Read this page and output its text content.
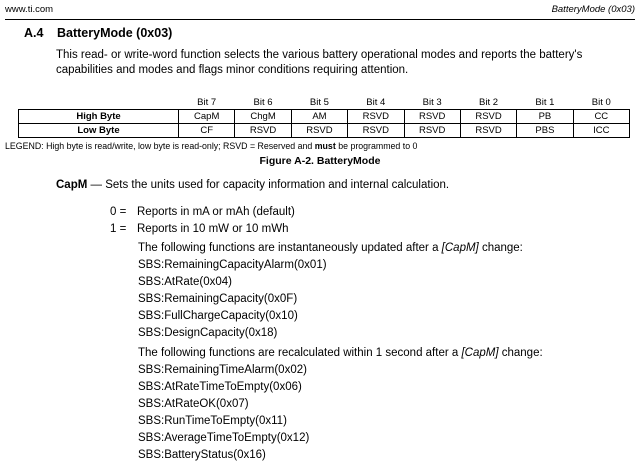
www.ti.com	BatteryMode (0x03)
A.4 BatteryMode (0x03)
This read- or write-word function selects the various battery operational modes and reports the battery's capabilities and modes and flags minor conditions requiring attention.
	Bit 7	Bit 6	Bit 5	Bit 4	Bit 3	Bit 2	Bit 1	Bit 0
High Byte	CapM	ChgM	AM	RSVD	RSVD	RSVD	PB	CC
Low Byte	CF	RSVD	RSVD	RSVD	RSVD	RSVD	PBS	ICC
LEGEND: High byte is read/write, low byte is read-only; RSVD = Reserved and must be programmed to 0
Figure A-2. BatteryMode
CapM — Sets the units used for capacity information and internal calculation.
0 = Reports in mA or mAh (default)
1 = Reports in 10 mW or 10 mWh
The following functions are instantaneously updated after a [CapM] change:
SBS:RemainingCapacityAlarm(0x01)
SBS:AtRate(0x04)
SBS:RemainingCapacity(0x0F)
SBS:FullChargeCapacity(0x10)
SBS:DesignCapacity(0x18)
The following functions are recalculated within 1 second after a [CapM] change:
SBS:RemainingTimeAlarm(0x02)
SBS:AtRateTimeToEmpty(0x06)
SBS:AtRateOK(0x07)
SBS:RunTimeToEmpty(0x11)
SBS:AverageTimeToEmpty(0x12)
SBS:BatteryStatus(0x16)
